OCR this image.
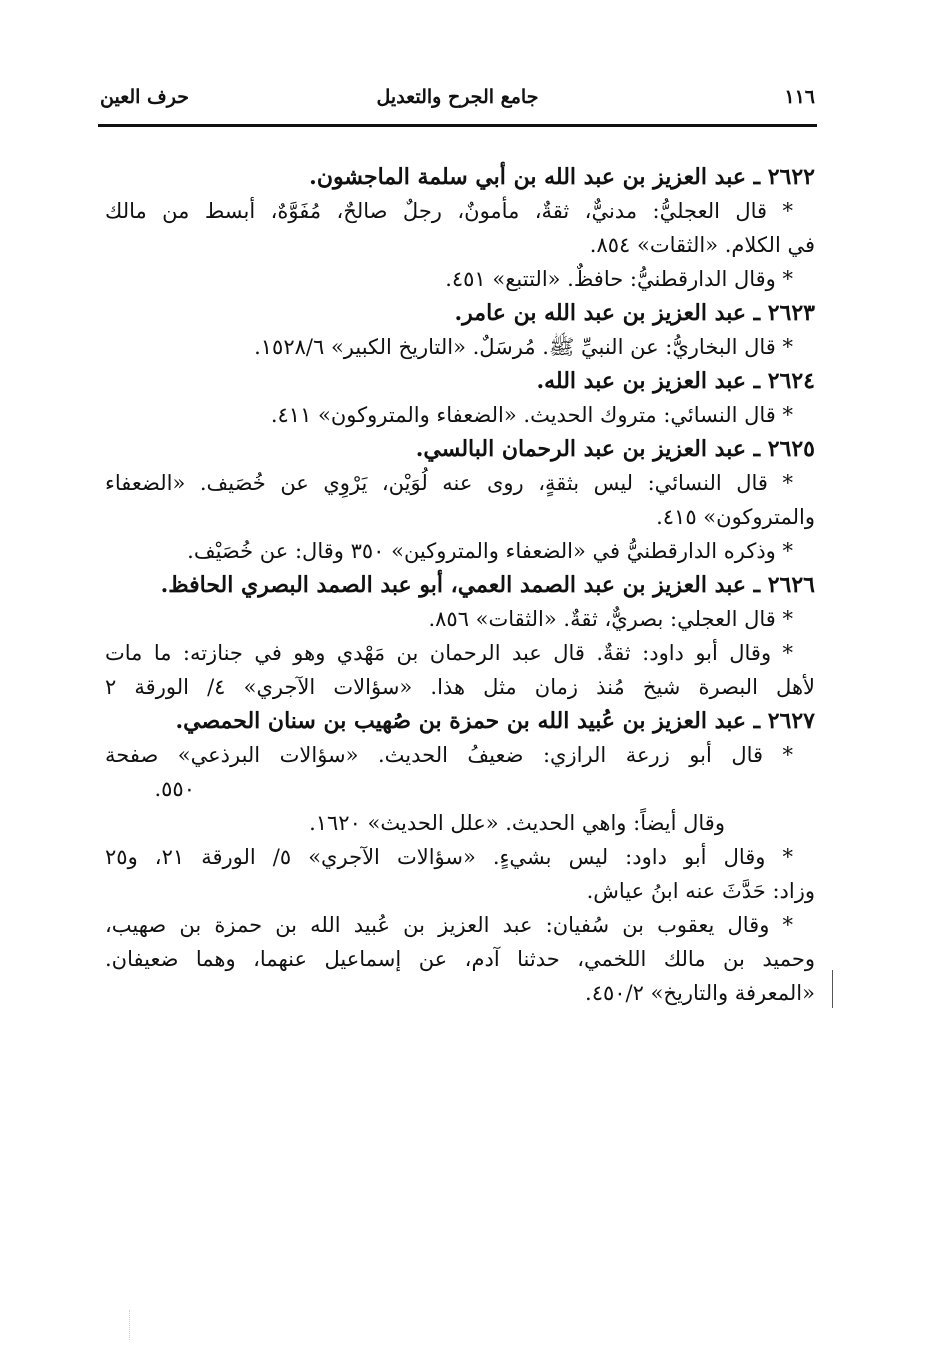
١١٦
جامع الجرح والتعديل
حرف العين
٢٦٢٢ ـ عبد العزيز بن عبد الله بن أبي سلمة الماجشون.
* قال العجليُّ: مدنيٌّ، ثقةٌ، مأمونٌ، رجلٌ صالحٌ، مُفَوَّهٌ، أبسط من مالك
في الكلام. «الثقات» ٨٥٤.
* وقال الدارقطنيُّ: حافظٌ. «التتبع» ٤٥١.
٢٦٢٣ ـ عبد العزيز بن عبد الله بن عامر.
* قال البخاريُّ: عن النبيِّ ﷺ. مُرسَلٌ. «التاريخ الكبير» ١٥٢٨/٦.
٢٦٢٤ ـ عبد العزيز بن عبد الله.
* قال النسائي: متروك الحديث. «الضعفاء والمتروكون» ٤١١.
٢٦٢٥ ـ عبد العزيز بن عبد الرحمان البالسي.
* قال النسائي: ليس بثقةٍ، روى عنه لُوَيْن، يَرْوِي عن خُصَيف. «الضعفاء
والمتروكون» ٤١٥.
* وذكره الدارقطنيُّ في «الضعفاء والمتروكين» ٣٥٠ وقال: عن خُصَيْف.
٢٦٢٦ ـ عبد العزيز بن عبد الصمد العمي، أبو عبد الصمد البصري الحافظ.
* قال العجلي: بصريٌّ، ثقةٌ. «الثقات» ٨٥٦.
* وقال أبو داود: ثقةٌ. قال عبد الرحمان بن مَهْدي وهو في جنازته: ما مات
لأهل البصرة شيخ مُنذ زمان مثل هذا. «سؤالات الآجري» ٤/ الورقة ٢
٢٦٢٧ ـ عبد العزيز بن عُبيد الله بن حمزة بن صُهيب بن سنان الحمصي.
* قال أبو زرعة الرازي: ضعيفُ الحديث. «سؤالات البرذعي» صفحة
٥٥٠.
وقال أيضاً: واهي الحديث. «علل الحديث» ١٦٢٠.
* وقال أبو داود: ليس بشيءٍ. «سؤالات الآجري» ٥/ الورقة ٢١، و٢٥
وزاد: حَدَّثَ عنه ابنُ عياش.
* وقال يعقوب بن سُفيان: عبد العزيز بن عُبيد الله بن حمزة بن صهيب،
وحميد بن مالك اللخمي، حدثنا آدم، عن إسماعيل عنهما، وهما ضعيفان.
«المعرفة والتاريخ» ٤٥٠/٢.
